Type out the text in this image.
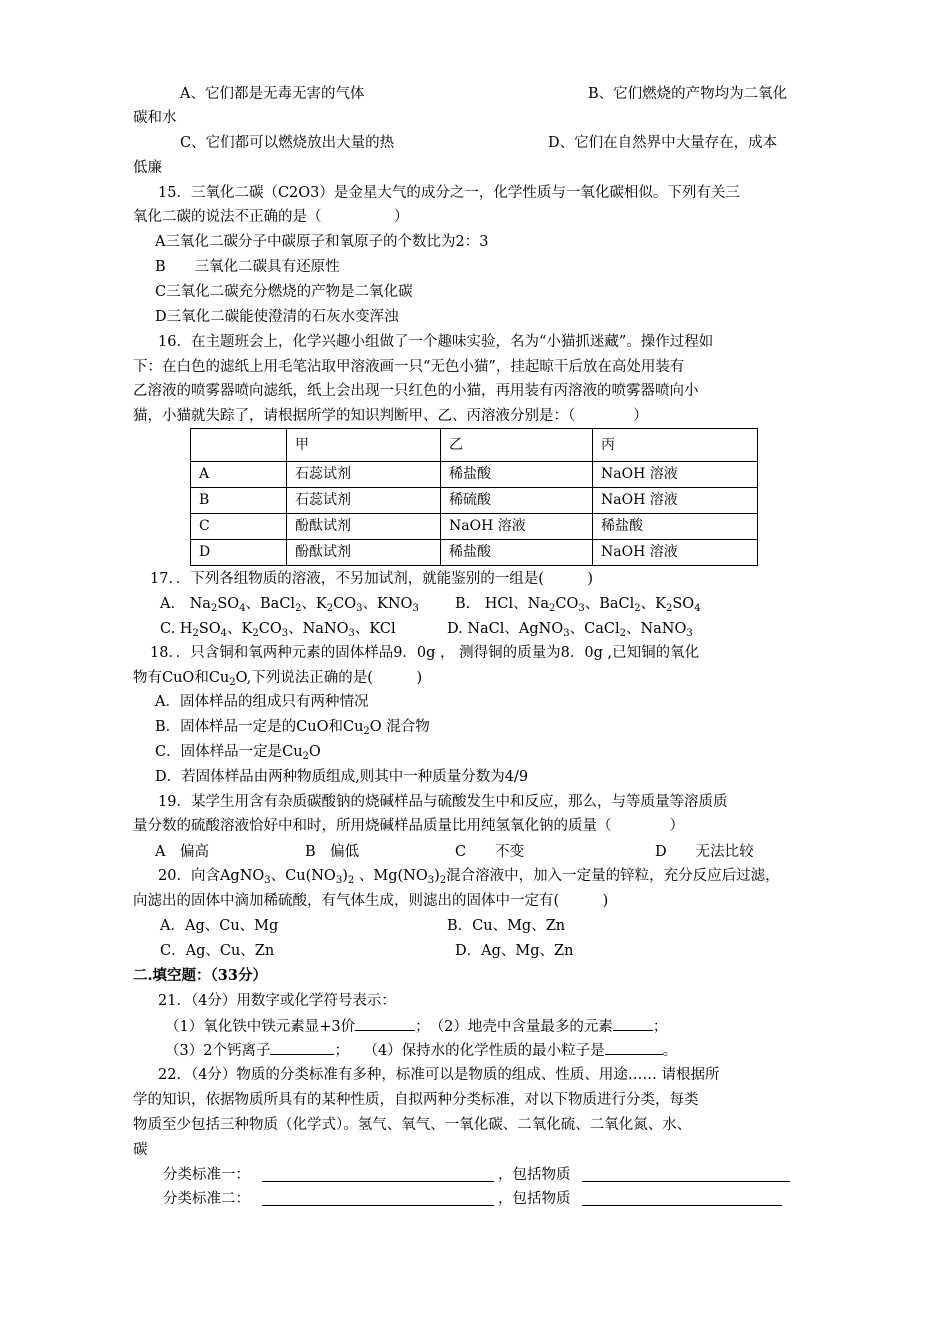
A、它们都是无毒无害的气体	B、它们燃烧的产物均为二氧化
碳和水
C、它们都可以燃烧放出大量的热	D、它们在自然界中大量存在，成本
低廉
15．三氧化二碳（C2O3）是金星大气的成分之一，化学性质与一氧化碳相似。下列有关三
氧化二碳的说法不正确的是（　　　　　）
A三氧化二碳分子中碳原子和氧原子的个数比为2：3
B　　三氧化二碳具有还原性
C三氧化二碳充分燃烧的产物是二氧化碳
D三氧化二碳能使澄清的石灰水变浑浊
16．在主题班会上，化学兴趣小组做了一个趣味实验，名为“小猫抓迷藏”。操作过程如
下：在白色的滤纸上用毛笔沾取甲溶液画一只“无色小猫”，挂起晾干后放在高处用装有
乙溶液的喷雾器喷向滤纸，纸上会出现一只红色的小猫，再用装有丙溶液的喷雾器喷向小
猫，小猫就失踪了，请根据所学的知识判断甲、乙、丙溶液分别是：（　　　　）
	甲	乙	丙
A	石蕊试剂	稀盐酸	NaOH 溶液
B	石蕊试剂	稀硫酸	NaOH 溶液
C	酚酞试剂	NaOH 溶液	稀盐酸
D	酚酞试剂	稀盐酸	NaOH 溶液
17．．下列各组物质的溶液，不另加试剂，就能鉴别的一组是(　　　)
A.　$Na_2SO_4$、BaCl$_2$、$K_2CO_3$、$KNO_3$ B.　HCl、$Na_2CO_3$、BaCl$_2$、$K_2SO_4$
C. $H_2SO_4$、$K_2CO_3$、NaNO$_3$、KCl	D. NaCl、AgNO$_3$、CaCl$_2$、NaNO$_3$
18．．只含铜和氧两种元素的固体样品9．0g ， 测得铜的质量为8．0g ,已知铜的氧化
物有CuO和$Cu_2O$,下列说法正确的是(　　　)
A．固体样品的组成只有两种情况
B．固体样品一定是的CuO和$Cu_2O$ 混合物
C．固体样品一定是$Cu_2O$
D．若固体样品由两种物质组成,则其中一种质量分数为4/9
19．某学生用含有杂质碳酸钠的烧碱样品与硫酸发生中和反应，那么，与等质量等溶质质
量分数的硫酸溶液恰好中和时，所用烧碱样品质量比用纯氢氧化钠的质量（　　　　）
A　偏高	B　偏低	C　　不变	D　　无法比较
20．向含AgNO$_3$、$Cu(NO_3)_2$ 、$Mg(NO_3)_2$混合溶液中，加入一定量的锌粒，充分反应后过滤，
向滤出的固体中滴加稀硫酸，有气体生成，则滤出的固体中一定有(　　　)
A．Ag、Cu、Mg	B．Cu、Mg、Zn
C．Ag、Cu、Zn	D．Ag、Mg、Zn
二.填空题：（33分）
21．（4分）用数字或化学符号表示：
（1）氧化铁中铁元素显+3价	；　（2）地壳中含量最多的元素	；
（3）2个钙离子	；　　（4）保持水的化学性质的最小粒子是	。
22．（4分）物质的分类标准有多种，标准可以是物质的组成、性质、用途…… 请根据所
学的知识，依据物质所具有的某种性质，自拟两种分类标准，对以下物质进行分类，每类
物质至少包括三种物质（化学式）。氢气、氧气、一氧化碳、二氧化硫、二氧化氮、水、
碳
分类标准一：	，包括物质
分类标准二：	，包括物质
